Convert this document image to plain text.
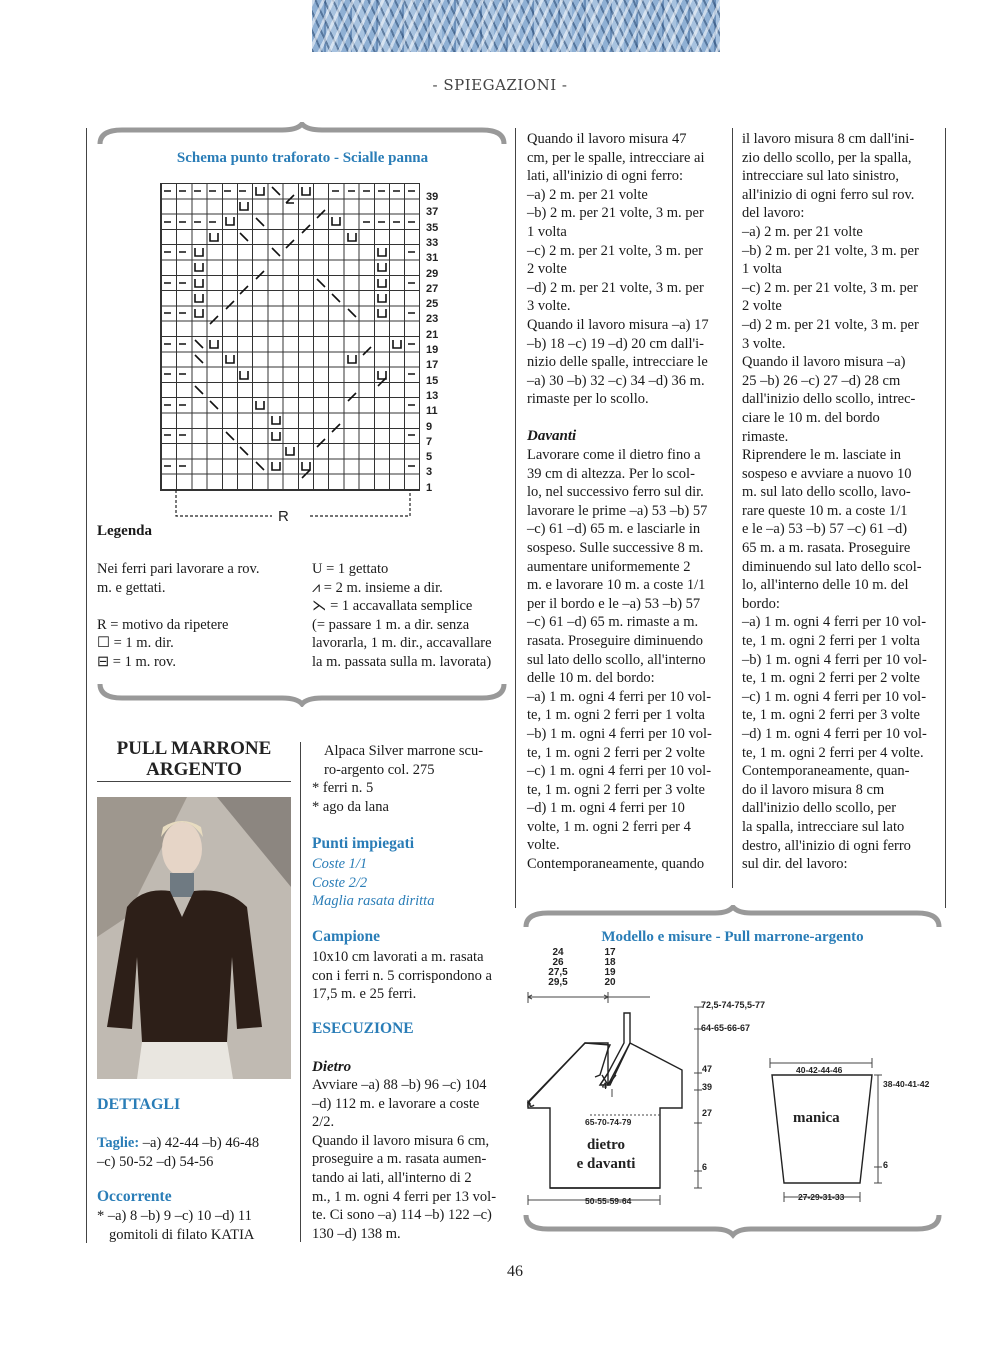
- SPIEGAZIONI -
Schema punto traforato - Scialle panna
39
37
35
33
31
29
27
25
23
21
19
17
15
13
11
9
7
5
3
1
R
Legenda
Nei ferri pari lavorare a rov.
m. e gettati.
R = motivo da ripetere
☐ = 1 m. dir.
⊟ = 1 m. rov.
U = 1 gettato
⩘ = 2 m. insieme a dir.
⋋ = 1 accavallata semplice
(= passare 1 m. a dir. senza
lavorarla, 1 m. dir., accavallare
la m. passata sulla m. lavorata)
PULL MARRONE
ARGENTO
DETTAGLI
Taglie: –a) 42-44 –b) 46-48
–c) 50-52 –d) 54-56
Occorrente
* –a) 8 –b) 9 –c) 10 –d) 11
gomitoli di filato KATIA
Alpaca Silver marrone scu-
ro-argento col. 275
* ferri n. 5
* ago da lana
Punti impiegati
Coste 1/1
Coste 2/2
Maglia rasata diritta
Campione
10x10 cm lavorati a m. rasata
con i ferri n. 5 corrispondono a
17,5 m. e 25 ferri.
ESECUZIONE
Dietro
Avviare –a) 88 –b) 96 –c) 104
–d) 112 m. e lavorare a coste
2/2.
Quando il lavoro misura 6 cm,
proseguire a m. rasata aumen-
tando ai lati, all'interno di 2
m., 1 m. ogni 4 ferri per 13 vol-
te. Ci sono –a) 114 –b) 122 –c)
130 –d) 138 m.
Quando il lavoro misura 47
cm, per le spalle, intrecciare ai
lati, all'inizio di ogni ferro:
–a) 2 m. per 21 volte
–b) 2 m. per 21 volte, 3 m. per
1 volta
–c) 2 m. per 21 volte, 3 m. per
2 volte
–d) 2 m. per 21 volte, 3 m. per
3 volte.
Quando il lavoro misura –a) 17
–b) 18 –c) 19 –d) 20 cm dall'i-
nizio delle spalle, intrecciare le
–a) 30 –b) 32 –c) 34 –d) 36 m.
rimaste per lo scollo.
Davanti
Lavorare come il dietro fino a
39 cm di altezza. Per lo scol-
lo, nel successivo ferro sul dir.
lavorare le prime –a) 53 –b) 57
–c) 61 –d) 65 m. e lasciarle in
sospeso. Sulle successive 8 m.
aumentare uniformemente 2
m. e lavorare 10 m. a coste 1/1
per il bordo e le –a) 53 –b) 57
–c) 61 –d) 65 m. rimaste a m.
rasata. Proseguire diminuendo
sul lato dello scollo, all'interno
delle 10 m. del bordo:
–a) 1 m. ogni 4 ferri per 10 vol-
te, 1 m. ogni 2 ferri per 1 volta
–b) 1 m. ogni 4 ferri per 10 vol-
te, 1 m. ogni 2 ferri per 2 volte
–c) 1 m. ogni 4 ferri per 10 vol-
te, 1 m. ogni 2 ferri per 3 volte
–d) 1 m. ogni 4 ferri per 10
volte, 1 m. ogni 2 ferri per 4
volte.
Contemporaneamente, quando
il lavoro misura 8 cm dall'ini-
zio dello scollo, per la spalla,
intrecciare sul lato sinistro,
all'inizio di ogni ferro sul rov.
del lavoro:
–a) 2 m. per 21 volte
–b) 2 m. per 21 volte, 3 m. per
1 volta
–c) 2 m. per 21 volte, 3 m. per
2 volte
–d) 2 m. per 21 volte, 3 m. per
3 volte.
Quando il lavoro misura –a)
25 –b) 26 –c) 27 –d) 28 cm
dall'inizio dello scollo, intrec-
ciare le 10 m. del bordo
rimaste.
Riprendere le m. lasciate in
sospeso e avviare a nuovo 10
m. sul lato dello scollo, lavo-
rare queste 10 m. a coste 1/1
e le –a) 53 –b) 57 –c) 61 –d)
65 m. a m. rasata. Proseguire
diminuendo sul lato dello scol-
lo, all'interno delle 10 m. del
bordo:
–a) 1 m. ogni 4 ferri per 10 vol-
te, 1 m. ogni 2 ferri per 1 volta
–b) 1 m. ogni 4 ferri per 10 vol-
te, 1 m. ogni 2 ferri per 2 volte
–c) 1 m. ogni 4 ferri per 10 vol-
te, 1 m. ogni 2 ferri per 3 volte
–d) 1 m. ogni 4 ferri per 10 vol-
te, 1 m. ogni 2 ferri per 4 volte.
Contemporaneamente, quan-
do il lavoro misura 8 cm
dall'inizio dello scollo, per
la spalla, intrecciare sul lato
destro, all'inizio di ogni ferro
sul dir. del lavoro:
Modello e misure - Pull marrone-argento
24
26
27,5
29,5
17
18
19
20
4
72,5-74-75,5-77
64-65-66-67
47
39
27
6
65-70-74-79
50-55-59-64
dietro
e davanti
40-42-44-46
38-40-41-42
6
manica
27-29-31-33
46
